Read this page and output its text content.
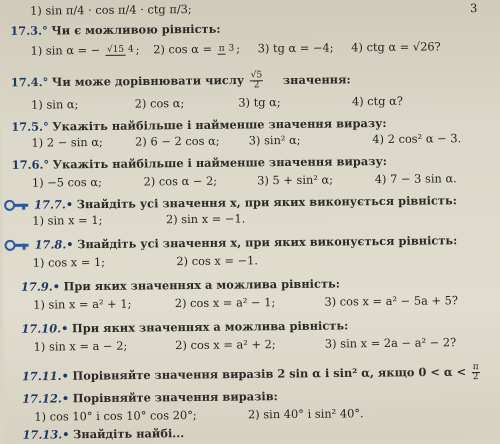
1) sin π/4 · cos π/4 · ctg π/3;	3
17.3.° Чи є можливою рівність:
1) sin α = − √15 4 ; 2) cos α = π 3 ; 3) tg α = −4; 4) ctg α = √26?
17.4.° Чи може дорівнювати числу $\frac{√5}{2}$ значення:
1) sin α;	2) cos α;	3) tg α;	4) ctg α?
17.5.° Укажіть найбільше і найменше значення виразу:
1) 2 − sin α;	2) 6 − 2 cos α;	3) sin² α;	4) 2 cos² α − 3.
17.6.° Укажіть найбільше і найменше значення виразу:
1) −5 cos α;	2) cos α − 2;	3) 5 + sin² α;	4) 7 − 3 sin α.
17.7.• Знайдіть усі значення x, при яких виконується рівність:
1) sin x = 1;	2) sin x = −1.
17.8.• Знайдіть усі значення x, при яких виконується рівність:
1) cos x = 1;	2) cos x = −1.
17.9.• При яких значеннях a можлива рівність:
1) sin x = a² + 1;	2) cos x = a² − 1;	3) cos x = a² − 5a + 5?
17.10.• При яких значеннях a можлива рівність:
1) sin x = a − 2;	2) cos x = a² + 2;	3) sin x = 2a − a² − 2?
17.11.• Порівняйте значення виразів 2 sin α і sin² α, якщо $0 < \alpha < \frac{\pi}{2}$
17.12.• Порівняйте значення виразів:
1) cos 10° і cos 10° cos 20°;	2) sin 40° і sin² 40°.
17.13.• Знайдіть найбі...
